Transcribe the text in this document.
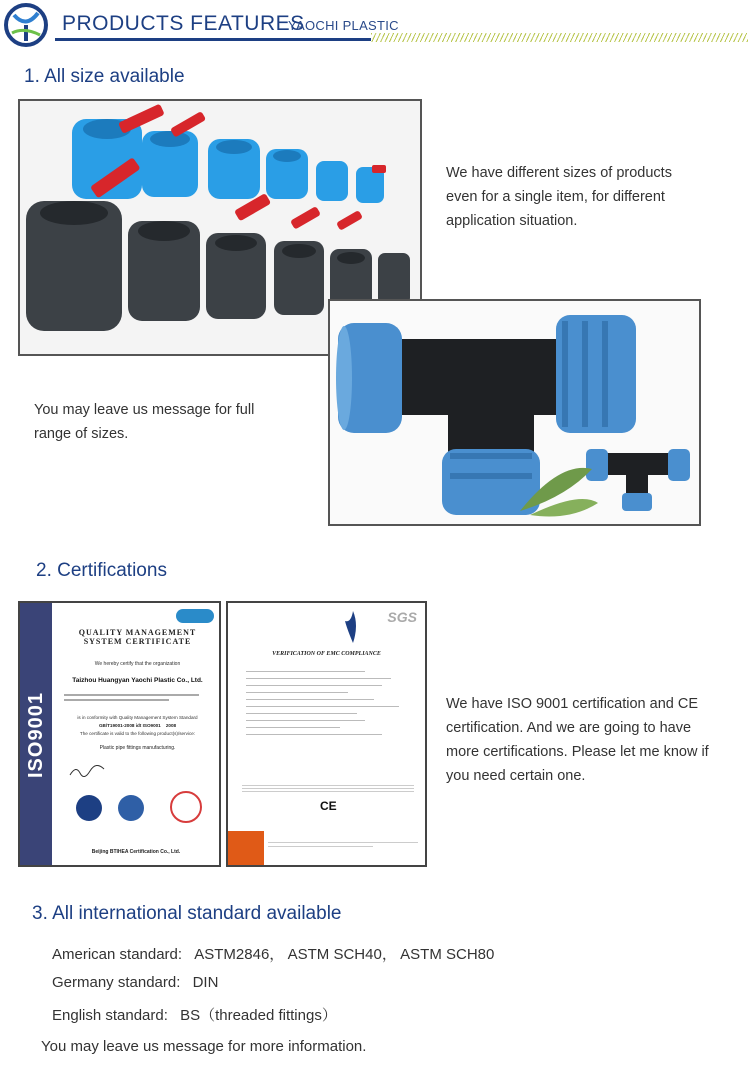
PRODUCTS FEATURES
YAOCHI PLASTIC
1. All size available
We have different sizes of products
even for a single item, for different
application situation.
You may leave us message for full
range of sizes.
2. Certifications
ISO9001
QUALITY MANAGEMENT
SYSTEM CERTIFICATE
We hereby certify that the organization
Taizhou Huangyan Yaochi Plastic Co., Ltd.
is in conformity with Quality Management System Standard
GB/T19001-2008 idt ISO9001    2008
The certificate is valid to the following product(s)/service:
Plastic pipe fittings manufacturing.
Beijing BTIHEA Certification Co., Ltd.
SGS
VERIFICATION OF EMC COMPLIANCE
CE
We have ISO 9001 certification and CE
certification. And we are going to have
more certifications. Please let me know if
you need certain one.
3. All international standard available
American standard: ASTM2846， ASTM SCH40， ASTM SCH80
Germany standard: DIN
English standard: BS（threaded fittings）
You may leave us message for more information.
